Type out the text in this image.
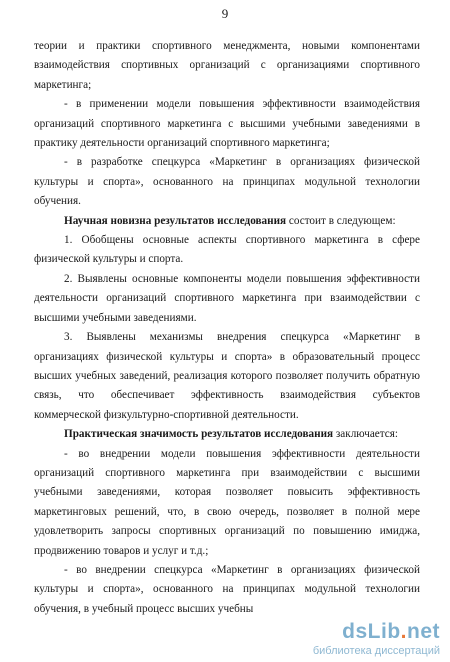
9

теории и практики спортивного менеджмента, новыми компонентами взаимодействия спортивных организаций с организациями спортивного маркетинга;

- в применении модели повышения эффективности взаимодействия организаций спортивного маркетинга с высшими учебными заведениями в практику деятельности организаций спортивного маркетинга;

- в разработке спецкурса «Маркетинг в организациях физической культуры и спорта», основанного на принципах модульной технологии обучения.

Научная новизна результатов исследования состоит в следующем:

1. Обобщены основные аспекты спортивного маркетинга в сфере физической культуры и спорта.

2. Выявлены основные компоненты модели повышения эффективности деятельности организаций спортивного маркетинга при взаимодействии с высшими учебными заведениями.

3. Выявлены механизмы внедрения спецкурса «Маркетинг в организациях физической культуры и спорта» в образовательный процесс высших учебных заведений, реализация которого позволяет получить обратную связь, что обеспечивает эффективность взаимодействия субъектов коммерческой физкультурно-спортивной деятельности.

Практическая значимость результатов исследования заключается:

- во внедрении модели повышения эффективности деятельности организаций спортивного маркетинга при взаимодействии с высшими учебными заведениями, которая позволяет повысить эффективность маркетинговых решений, что, в свою очередь, позволяет в полной мере удовлетворить запросы спортивных организаций по повышению имиджа, продвижению товаров и услуг и т.д.;

- во внедрении спецкурса «Маркетинг в организациях физической культуры и спорта», основанного на принципах модульной технологии обучения, в учебный процесс высших учебны

dsLib.net
библиотека диссертаций
